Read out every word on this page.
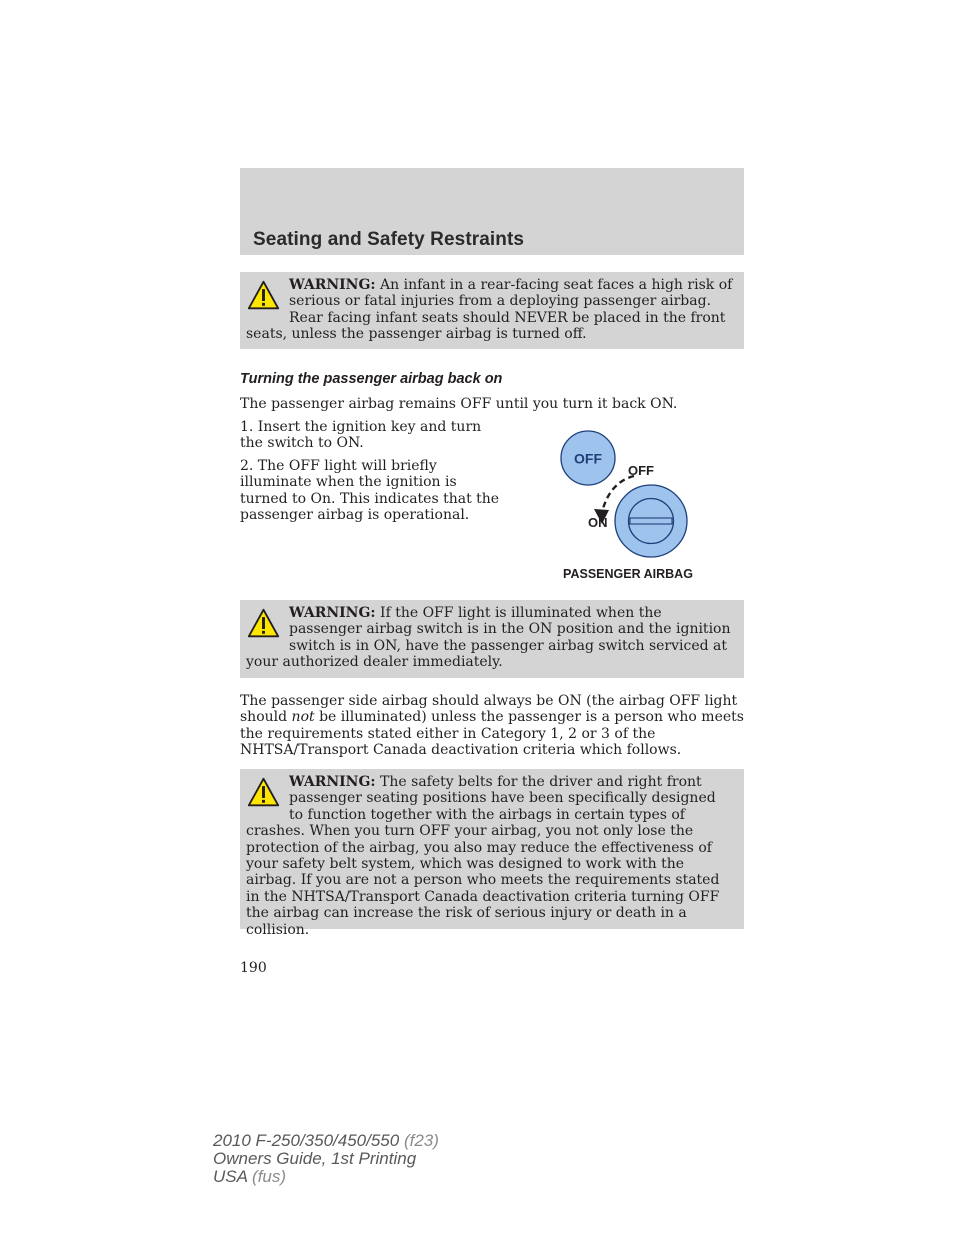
Seating and Safety Restraints
WARNING: An infant in a rear-facing seat faces a high risk of serious or fatal injuries from a deploying passenger airbag. Rear facing infant seats should NEVER be placed in the front seats, unless the passenger airbag is turned off.
Turning the passenger airbag back on

The passenger airbag remains OFF until you turn it back ON.

1. Insert the ignition key and turn the switch to ON.

2. The OFF light will briefly illuminate when the ignition is turned to On. This indicates that the passenger airbag is operational.

OFF
OFF
ON
PASSENGER AIRBAG
WARNING: If the OFF light is illuminated when the passenger airbag switch is in the ON position and the ignition switch is in ON, have the passenger airbag switch serviced at your authorized dealer immediately.

The passenger side airbag should always be ON (the airbag OFF light should not be illuminated) unless the passenger is a person who meets the requirements stated either in Category 1, 2 or 3 of the NHTSA/Transport Canada deactivation criteria which follows.

WARNING: The safety belts for the driver and right front passenger seating positions have been specifically designed to function together with the airbags in certain types of crashes. When you turn OFF your airbag, you not only lose the protection of the airbag, you also may reduce the effectiveness of your safety belt system, which was designed to work with the airbag. If you are not a person who meets the requirements stated in the NHTSA/Transport Canada deactivation criteria turning OFF the airbag can increase the risk of serious injury or death in a collision.

190

2010 F-250/350/450/550 (f23)
Owners Guide, 1st Printing
USA (fus)
